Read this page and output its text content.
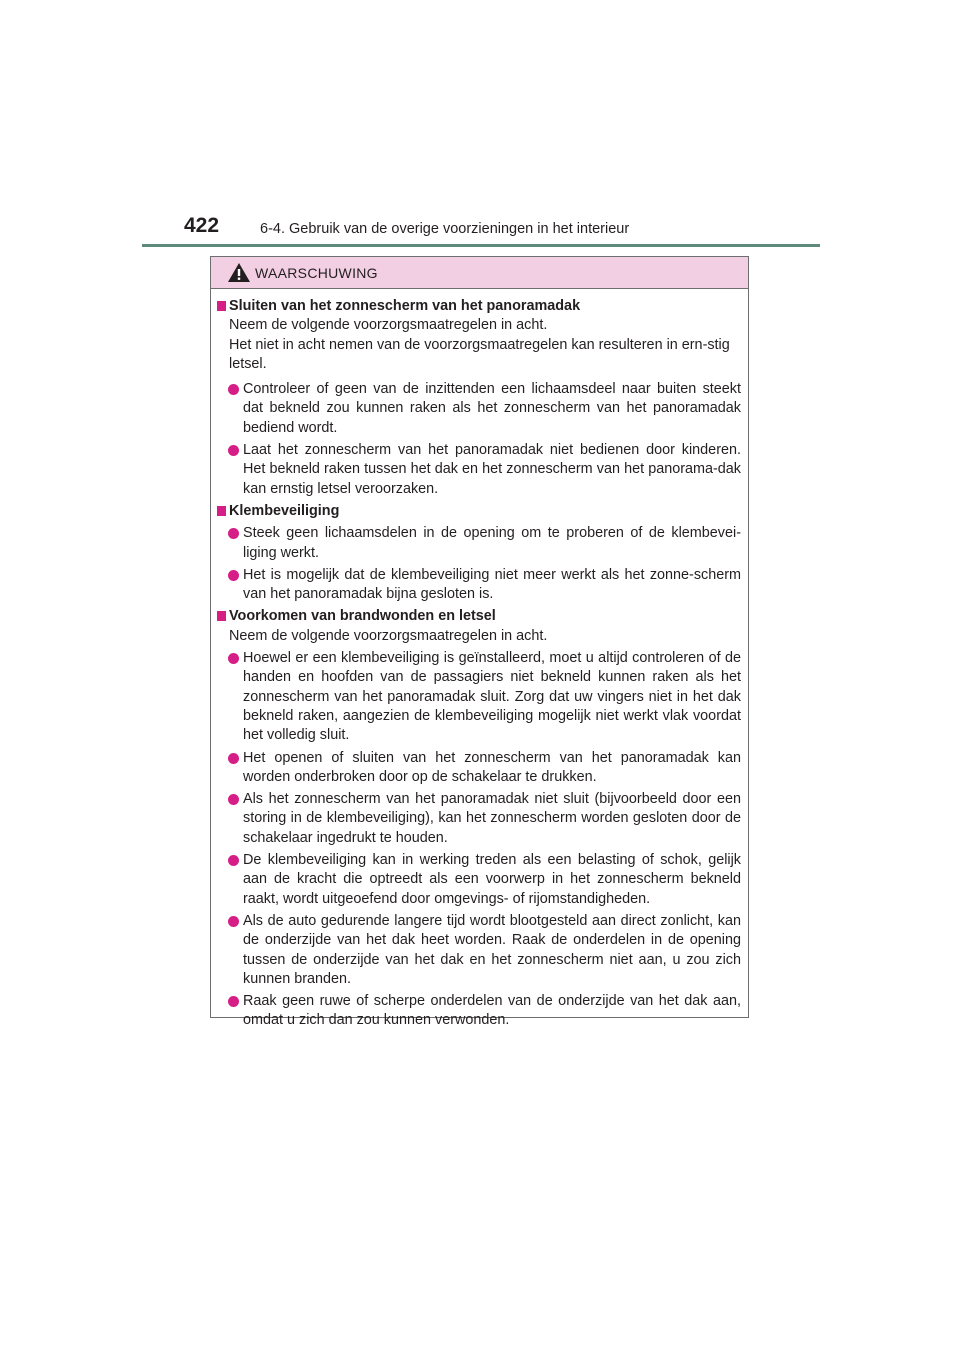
422	6-4. Gebruik van de overige voorzieningen in het interieur
WAARSCHUWING
Sluiten van het zonnescherm van het panoramadak
Neem de volgende voorzorgsmaatregelen in acht.
Het niet in acht nemen van de voorzorgsmaatregelen kan resulteren in ern-stig letsel.
Controleer of geen van de inzittenden een lichaamsdeel naar buiten steekt dat bekneld zou kunnen raken als het zonnescherm van het panoramadak bediend wordt.
Laat het zonnescherm van het panoramadak niet bedienen door kinderen. Het bekneld raken tussen het dak en het zonnescherm van het panorama-dak kan ernstig letsel veroorzaken.
Klembeveiliging
Steek geen lichaamsdelen in de opening om te proberen of de klembevei-liging werkt.
Het is mogelijk dat de klembeveiliging niet meer werkt als het zonne-scherm van het panoramadak bijna gesloten is.
Voorkomen van brandwonden en letsel
Neem de volgende voorzorgsmaatregelen in acht.
Hoewel er een klembeveiliging is geïnstalleerd, moet u altijd controleren of de handen en hoofden van de passagiers niet bekneld kunnen raken als het zonnescherm van het panoramadak sluit. Zorg dat uw vingers niet in het dak bekneld raken, aangezien de klembeveiliging mogelijk niet werkt vlak voordat het volledig sluit.
Het openen of sluiten van het zonnescherm van het panoramadak kan worden onderbroken door op de schakelaar te drukken.
Als het zonnescherm van het panoramadak niet sluit (bijvoorbeeld door een storing in de klembeveiliging), kan het zonnescherm worden gesloten door de schakelaar ingedrukt te houden.
De klembeveiliging kan in werking treden als een belasting of schok, gelijk aan de kracht die optreedt als een voorwerp in het zonnescherm bekneld raakt, wordt uitgeoefend door omgevings- of rijomstandigheden.
Als de auto gedurende langere tijd wordt blootgesteld aan direct zonlicht, kan de onderzijde van het dak heet worden. Raak de onderdelen in de opening tussen de onderzijde van het dak en het zonnescherm niet aan, u zou zich kunnen branden.
Raak geen ruwe of scherpe onderdelen van de onderzijde van het dak aan, omdat u zich dan zou kunnen verwonden.
